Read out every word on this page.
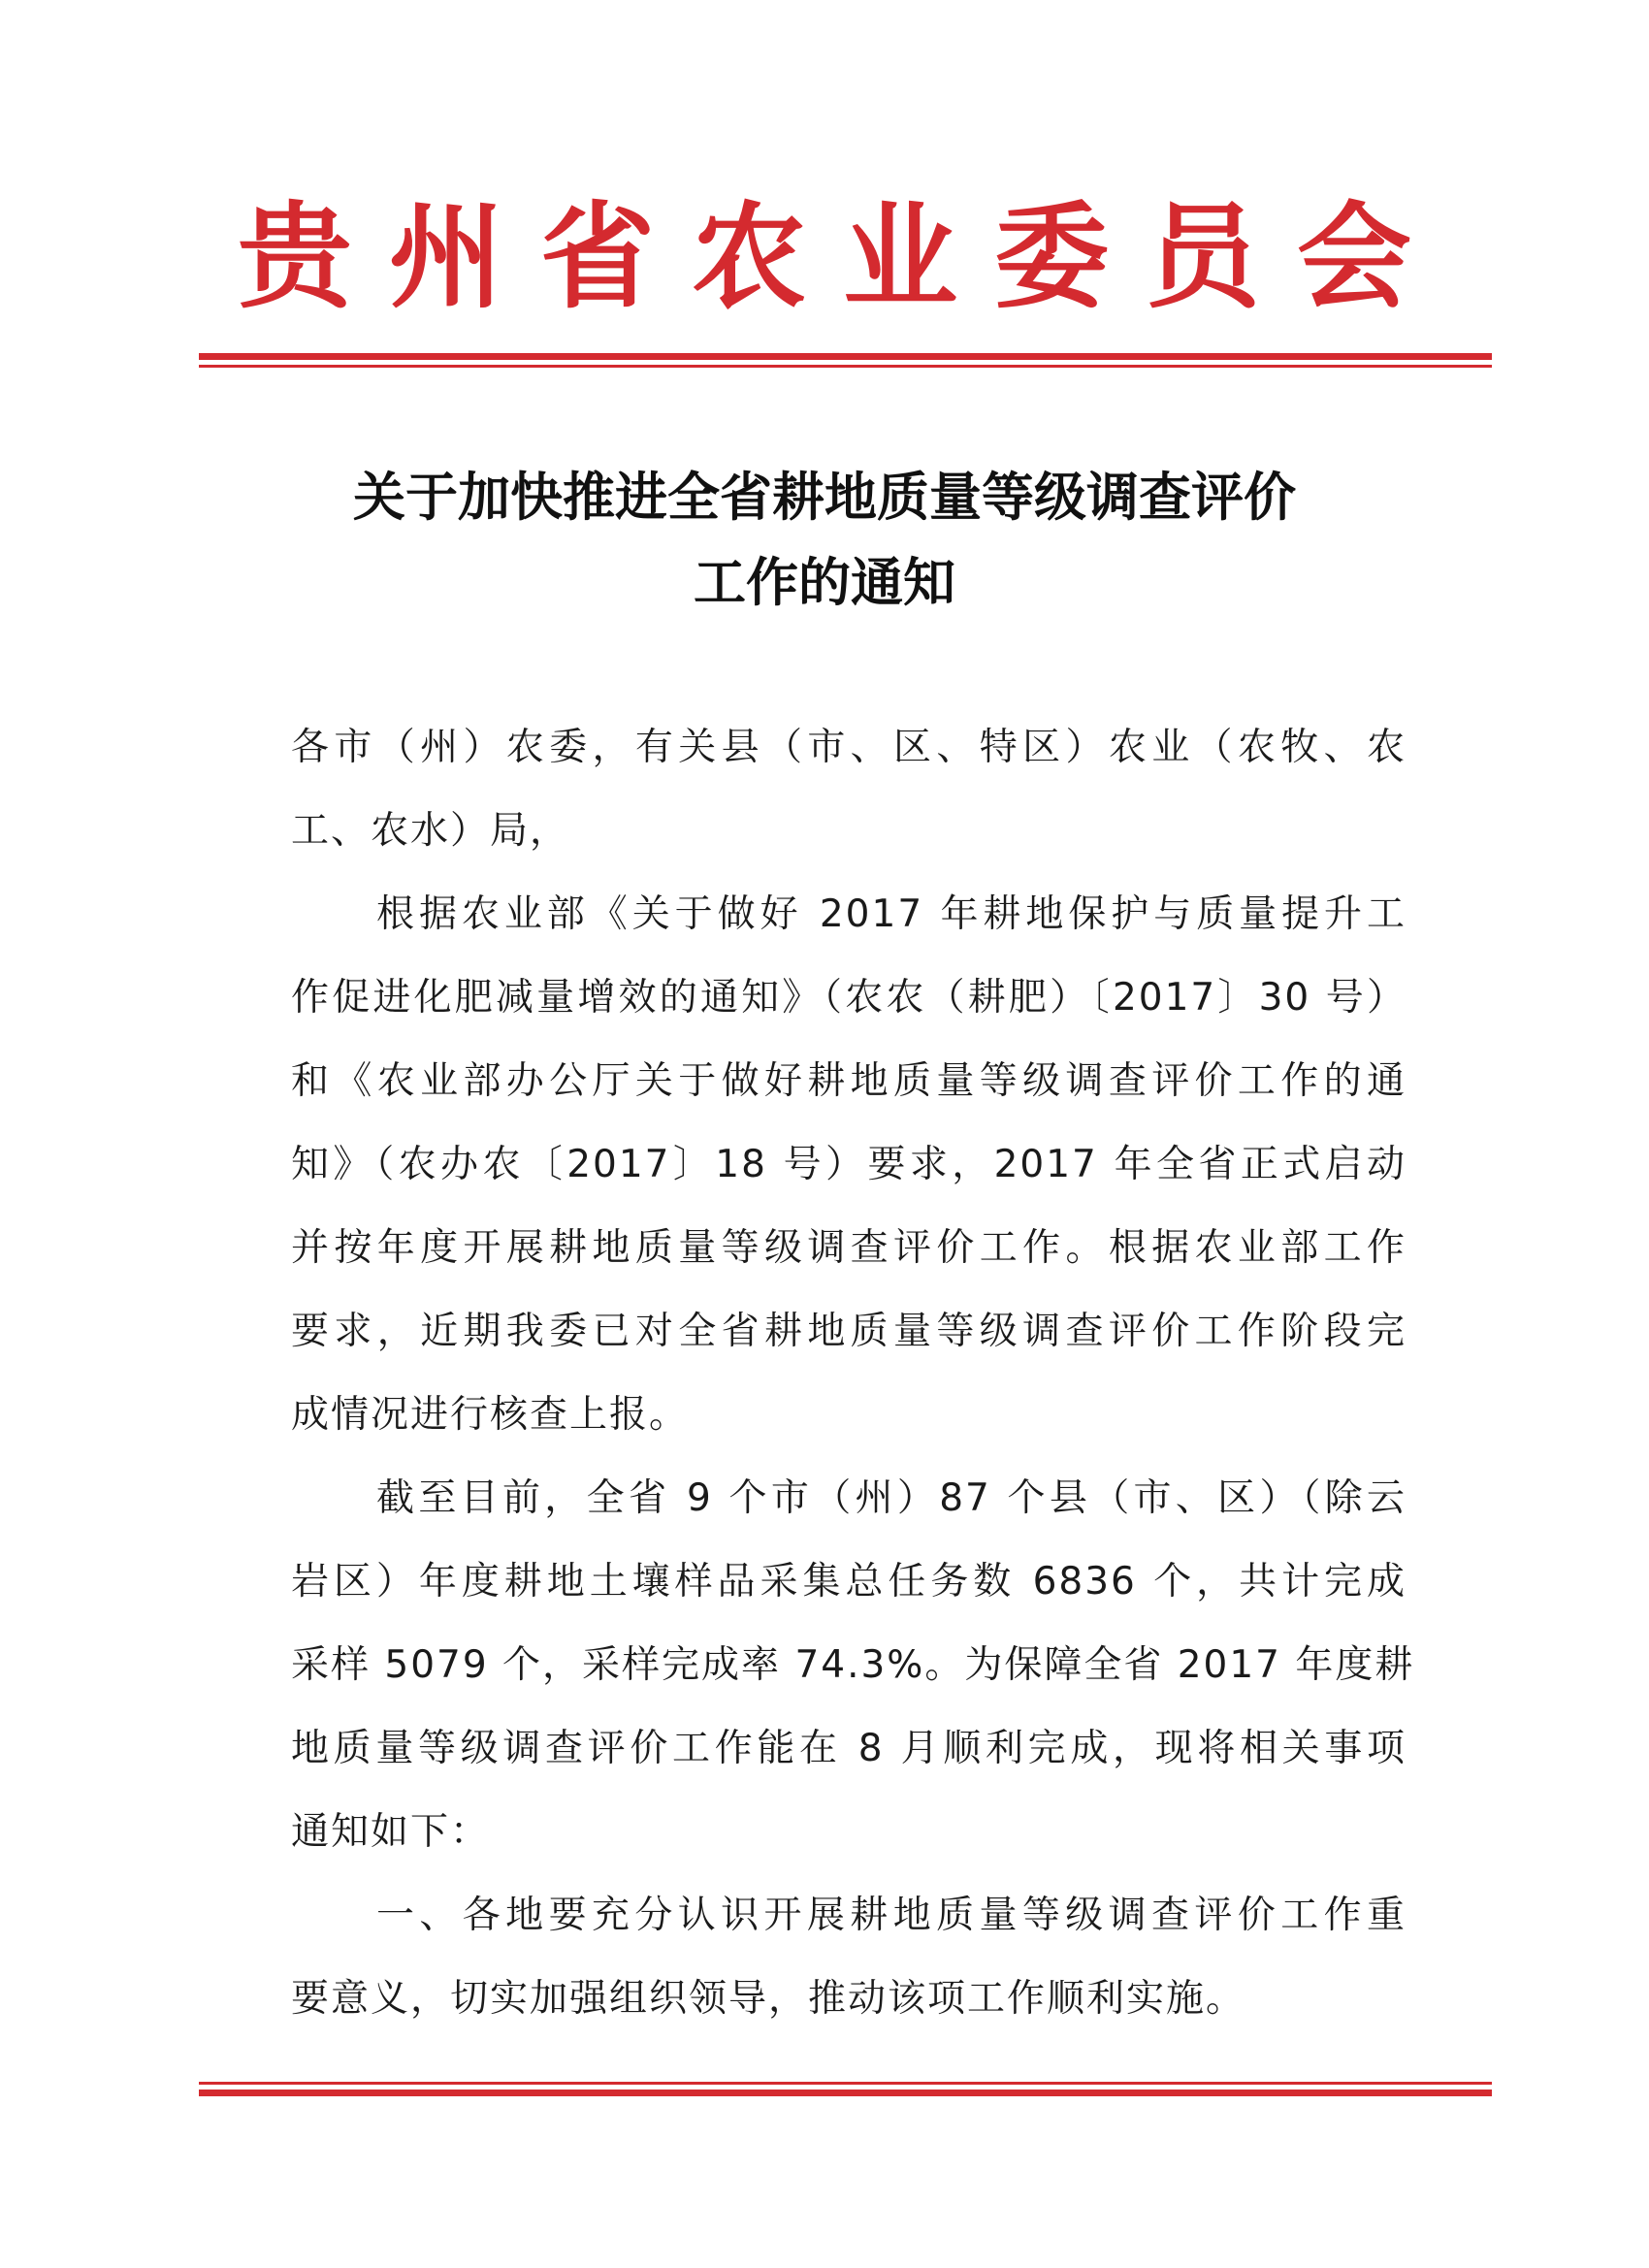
贵州省农业委员会
关于加快推进全省耕地质量等级调查评价
工作的通知
各市（州）农委，有关县（市、区、特区）农业（农牧、农
工、农水）局，
根据农业部《关于做好 2017 年耕地保护与质量提升工
作促进化肥减量增效的通知》（农农（耕肥）〔2017〕30 号）
和《农业部办公厅关于做好耕地质量等级调查评价工作的通
知》（农办农〔2017〕18 号）要求，2017 年全省正式启动
并按年度开展耕地质量等级调查评价工作。根据农业部工作
要求，近期我委已对全省耕地质量等级调查评价工作阶段完
成情况进行核查上报。
截至目前，全省 9 个市（州）87 个县（市、区）（除云
岩区）年度耕地土壤样品采集总任务数 6836 个，共计完成
采样 5079 个，采样完成率 74.3%。为保障全省 2017 年度耕
地质量等级调查评价工作能在 8 月顺利完成，现将相关事项
通知如下：
一、各地要充分认识开展耕地质量等级调查评价工作重
要意义，切实加强组织领导，推动该项工作顺利实施。
